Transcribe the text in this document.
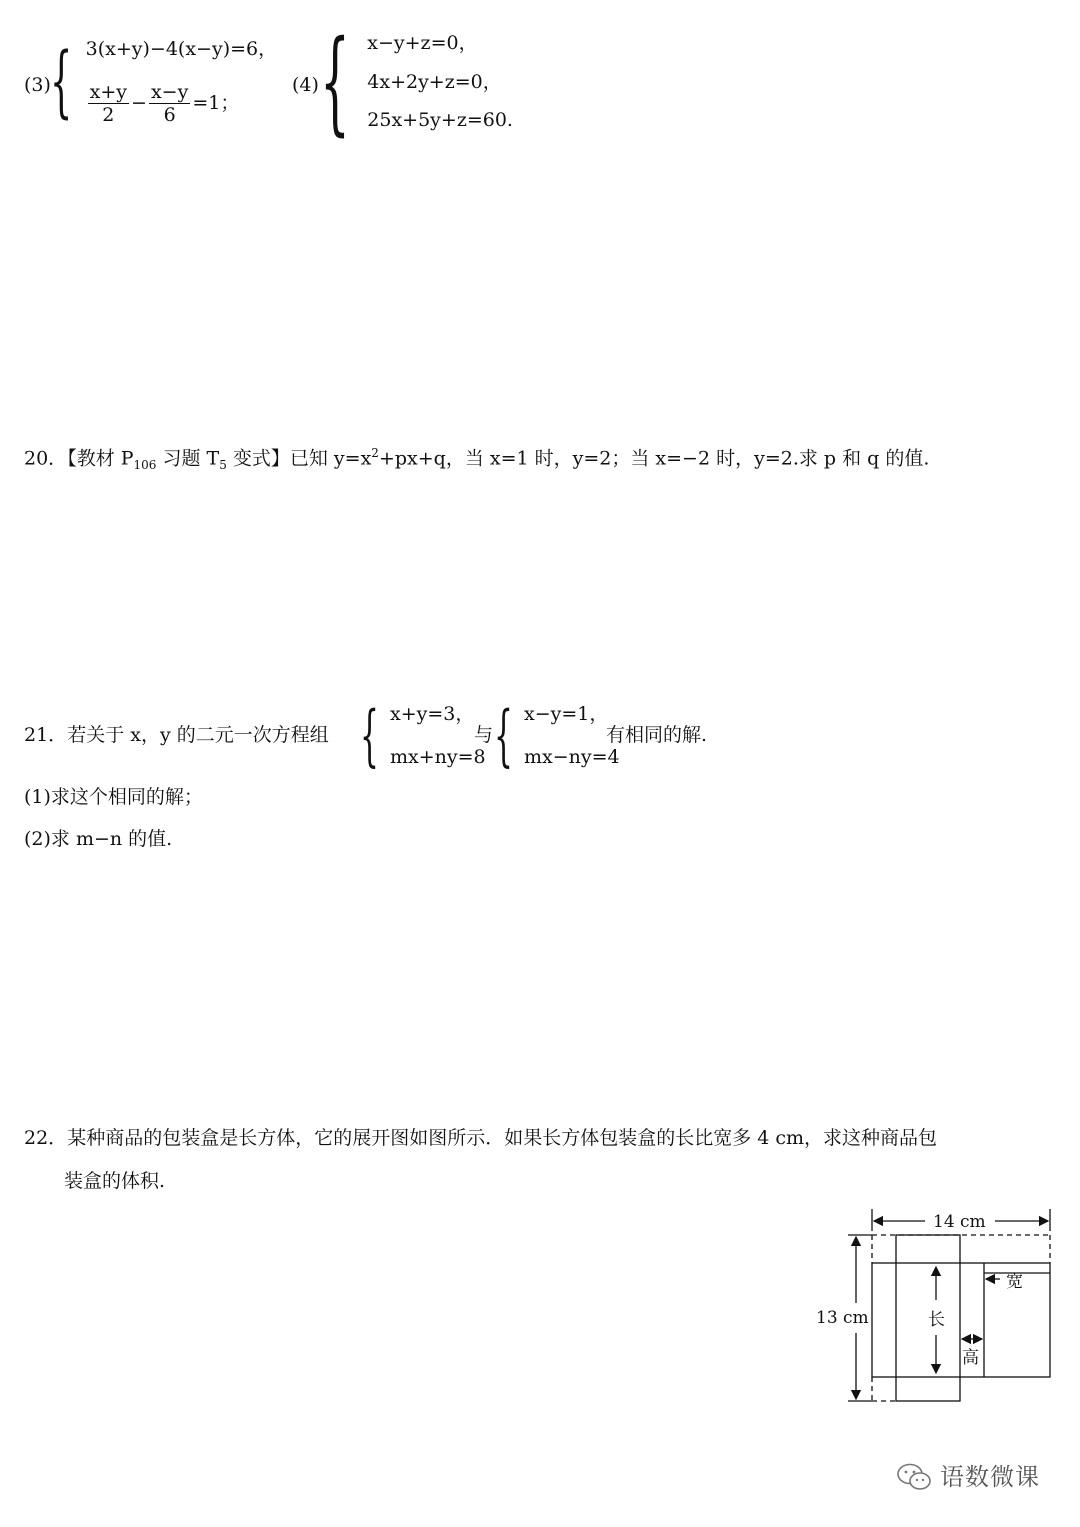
(3) { 3(x+y)−4(x−y)=6，
$\frac{x+y}{2} - \frac{x-y}{6} =1$；
(4) { x−y+z=0，
4x+2y+z=0，
25x+5y+z=60.
20．【教材 $P_{106}$ 习题 $T_5$ 变式】已知 $y=x^2+px+q$，当 x=1 时，y=2；当 x=−2 时，y=2.求 p 和 q 的值.
21．若关于 x，y 的二元一次方程组 { x+y=3，
mx+ny=8
与 { x−y=1，
mx−ny=4
有相同的解.
(1)求这个相同的解；
(2)求 m−n 的值.
22．某种商品的包装盒是长方体，它的展开图如图所示．如果长方体包装盒的长比宽多 4 cm，求这种商品包
装盒的体积.
14 cm
13 cm	长
宽
高
语数微课
